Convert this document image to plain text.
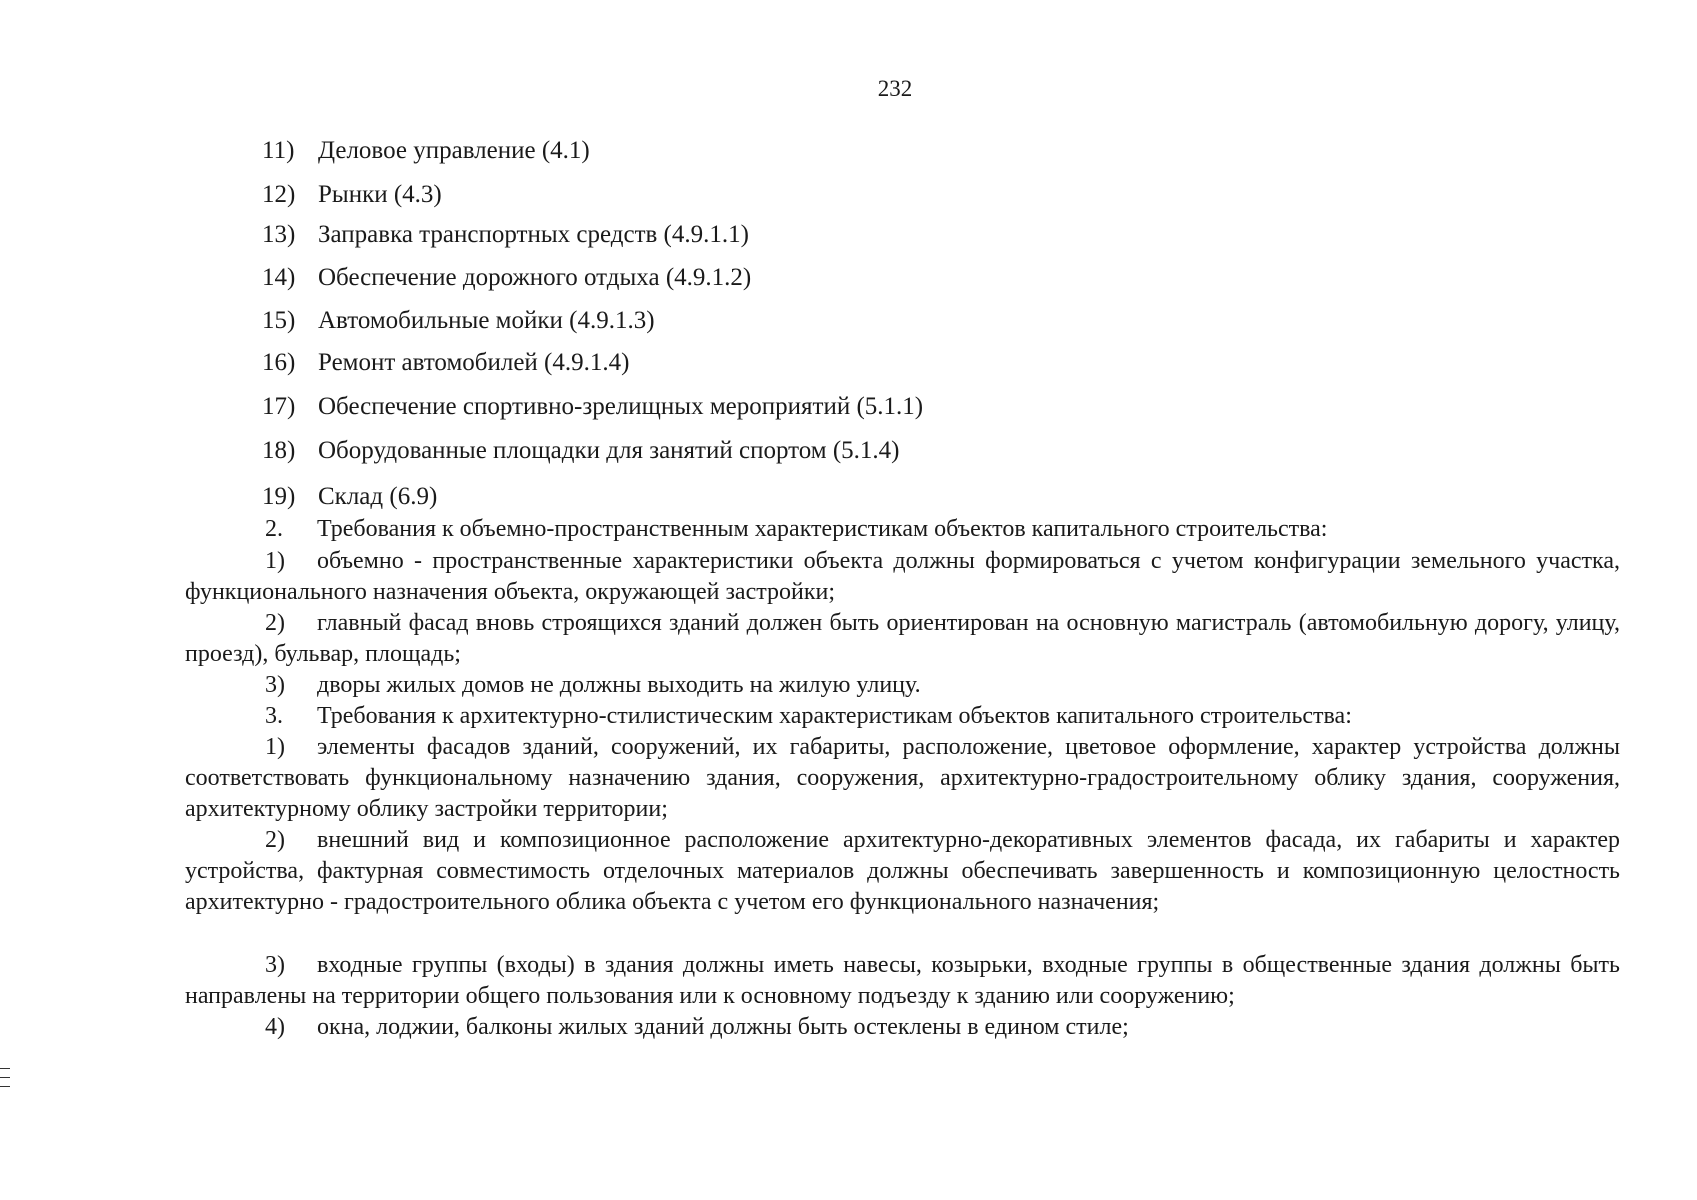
232
11) Деловое управление (4.1)
12) Рынки (4.3)
13) Заправка транспортных средств (4.9.1.1)
14) Обеспечение дорожного отдыха (4.9.1.2)
15) Автомобильные мойки (4.9.1.3)
16) Ремонт автомобилей (4.9.1.4)
17) Обеспечение спортивно-зрелищных мероприятий (5.1.1)
18) Оборудованные площадки для занятий спортом (5.1.4)
19) Склад (6.9)
2. Требования к объемно-пространственным характеристикам объектов капитального строительства:
1) объемно - пространственные характеристики объекта должны формироваться с учетом конфигурации земельного участка, функционального назначения объекта, окружающей застройки;
2) главный фасад вновь строящихся зданий должен быть ориентирован на основную магистраль (автомобильную дорогу, улицу, проезд), бульвар, площадь;
3) дворы жилых домов не должны выходить на жилую улицу.
3. Требования к архитектурно-стилистическим характеристикам объектов капитального строительства:
1) элементы фасадов зданий, сооружений, их габариты, расположение, цветовое оформление, характер устройства должны соответствовать функциональному назначению здания, сооружения, архитектурно-градостроительному облику здания, сооружения, архитектурному облику застройки территории;
2) внешний вид и композиционное расположение архитектурно-декоративных элементов фасада, их габариты и характер устройства, фактурная совместимость отделочных материалов должны обеспечивать завершенность и композиционную целостность архитектурно - градостроительного облика объекта с учетом его функционального назначения;
3) входные группы (входы) в здания должны иметь навесы, козырьки, входные группы в общественные здания должны быть направлены на территории общего пользования или к основному подъезду к зданию или сооружению;
4) окна, лоджии, балконы жилых зданий должны быть остеклены в едином стиле;
